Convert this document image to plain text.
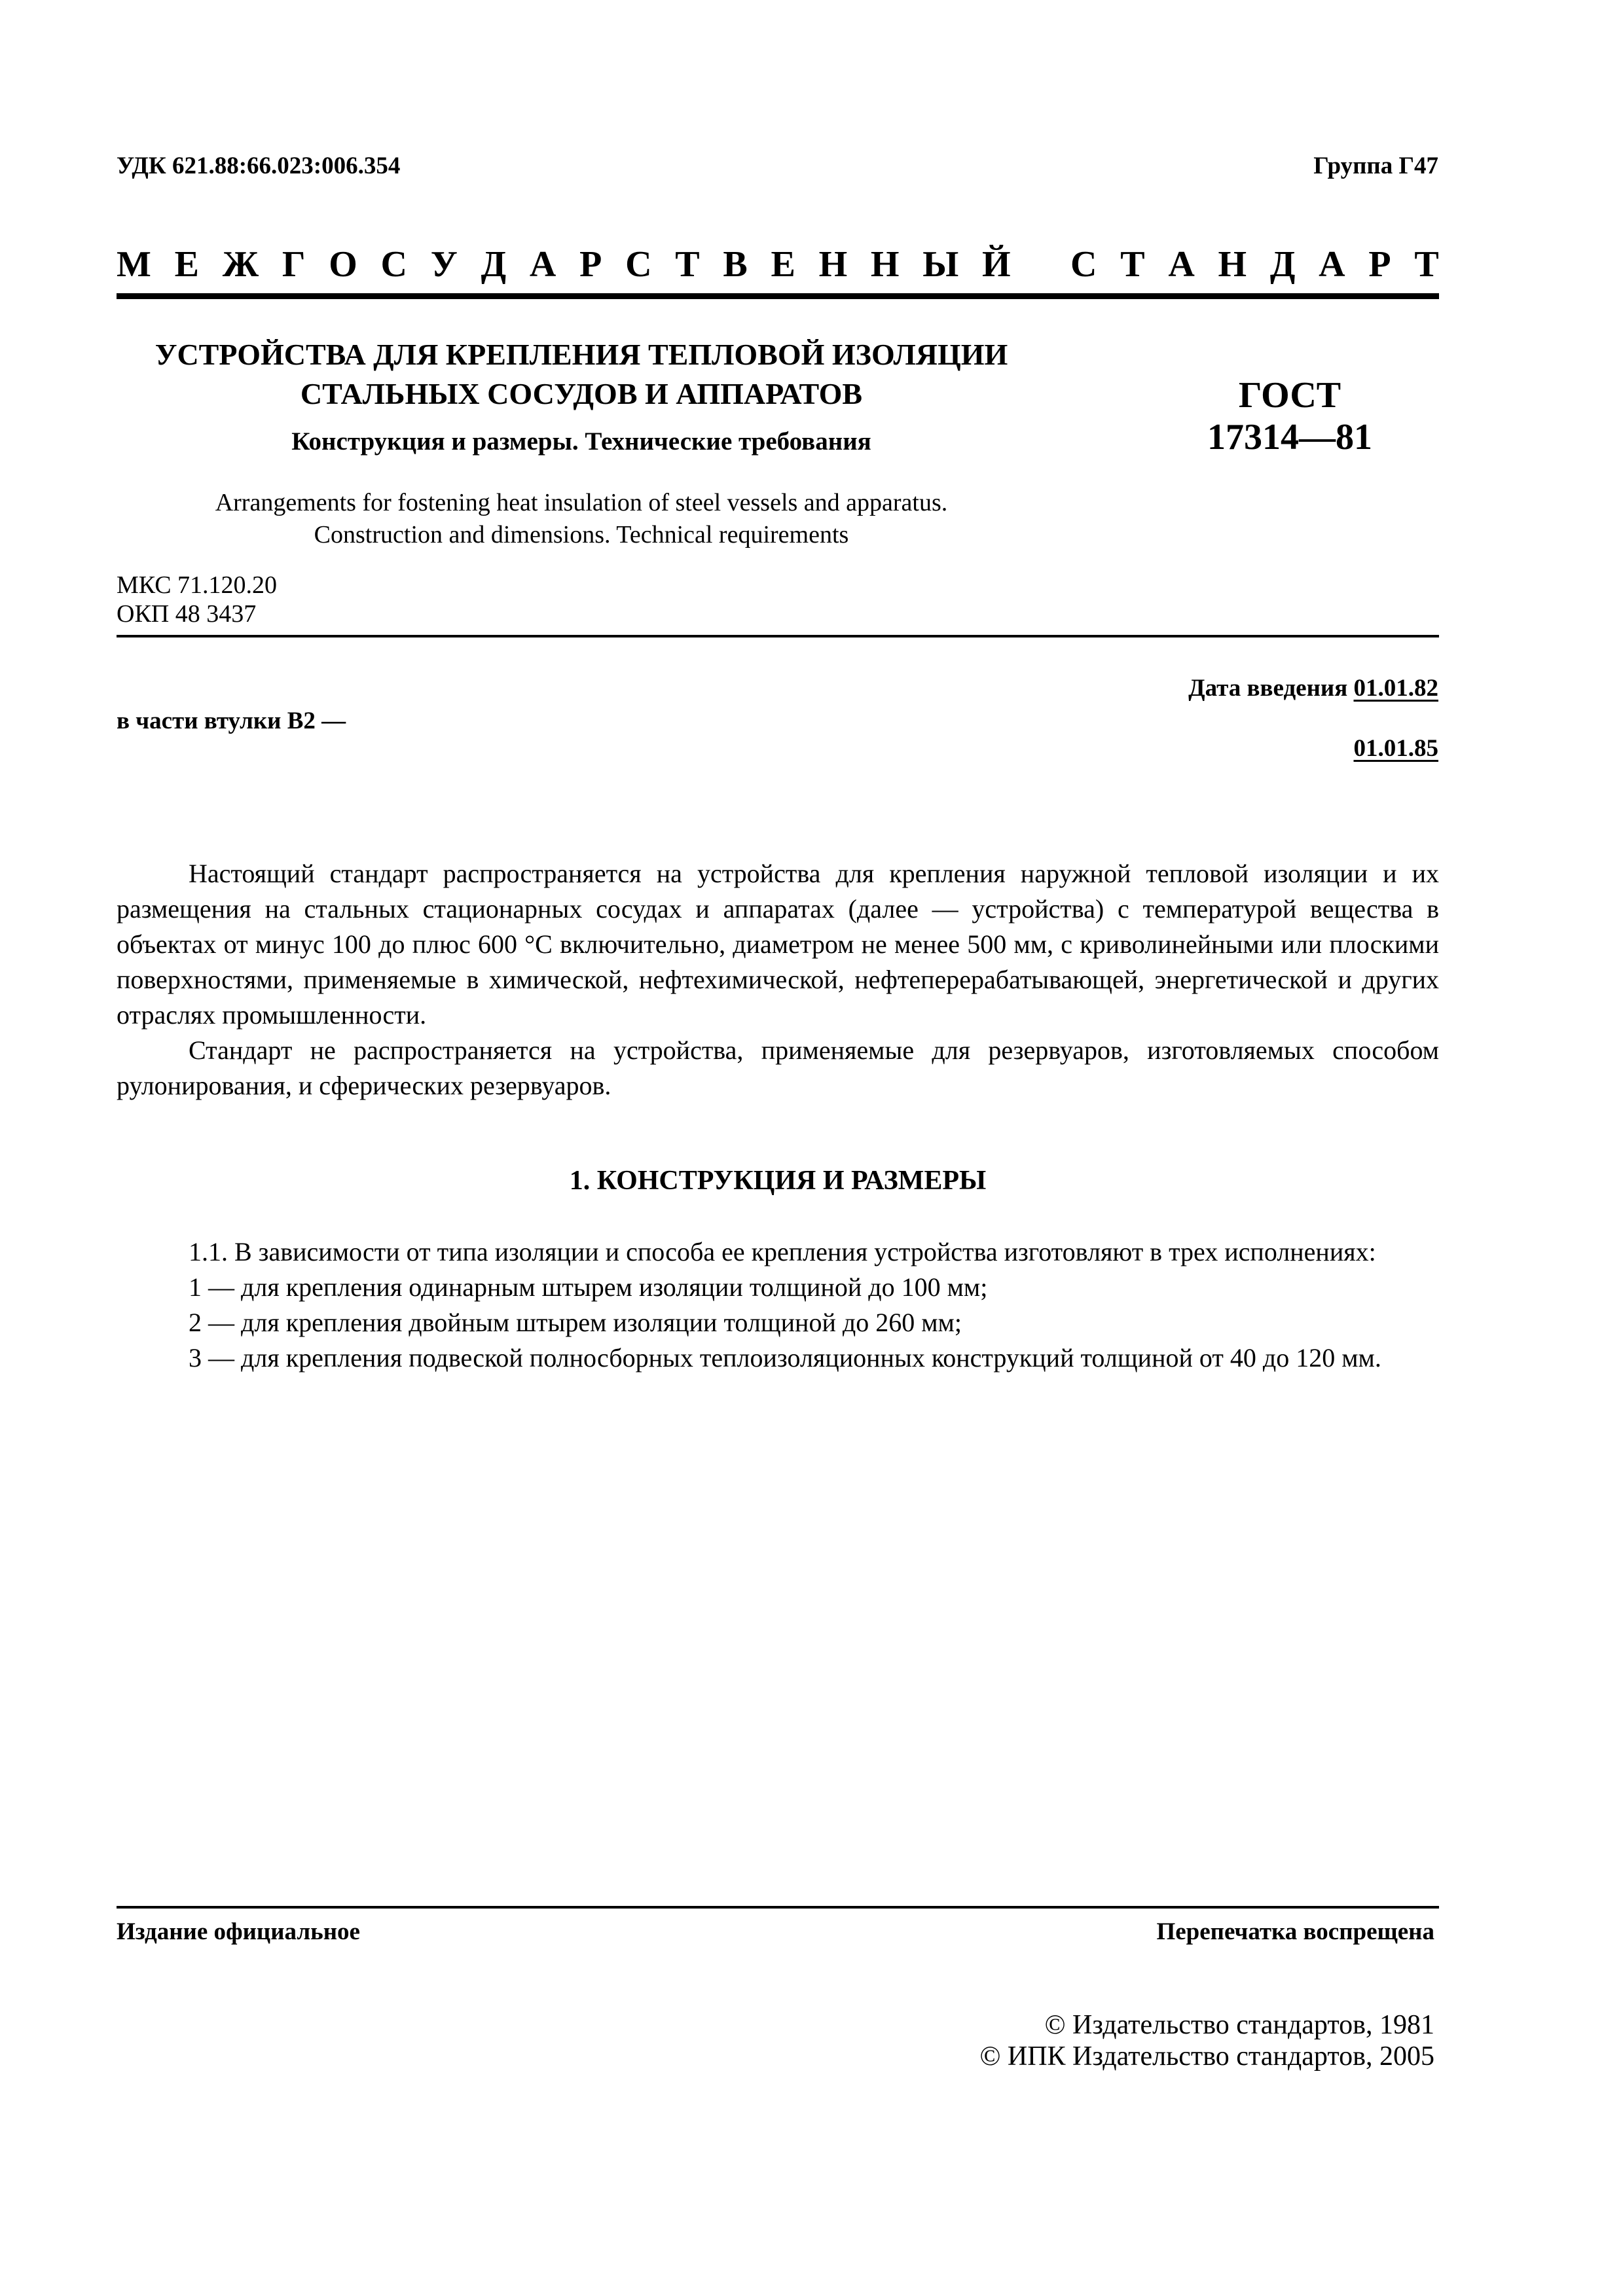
УДК 621.88:66.023:006.354	Группа Г47
М Е Ж Г О С У Д А Р С Т В Е Н Н Ы Й С Т А Н Д А Р Т
УСТРОЙСТВА ДЛЯ КРЕПЛЕНИЯ ТЕПЛОВОЙ ИЗОЛЯЦИИ
СТАЛЬНЫХ СОСУДОВ И АППАРАТОВ	ГОСТ
17314—81
Конструкция и размеры. Технические требования
Arrangements for fostening heat insulation of steel vessels and apparatus.
Construction and dimensions. Technical requirements
МКС 71.120.20
ОКП 48 3437
Дата введения 01.01.82
в части втулки В2 —
01.01.85

Настоящий стандарт распространяется на устройства для крепления наружной тепловой изоляции и их размещения на стальных стационарных сосудах и аппаратах (далее — устройства) с температурой вещества в объектах от минус 100 до плюс 600 °С включительно, диаметром не менее 500 мм, с криволинейными или плоскими поверхностями, применяемые в химической, нефтехимической, нефтеперерабатывающей, энергетической и других отраслях промышленности.

Стандарт не распространяется на устройства, применяемые для резервуаров, изготовляемых способом рулонирования, и сферических резервуаров.

1. КОНСТРУКЦИЯ И РАЗМЕРЫ

1.1. В зависимости от типа изоляции и способа ее крепления устройства изготовляют в трех исполнениях:

1 — для крепления одинарным штырем изоляции толщиной до 100 мм;

2 — для крепления двойным штырем изоляции толщиной до 260 мм;

3 — для крепления подвеской полносборных теплоизоляционных конструкций толщиной от 40 до 120 мм.

Издание официальное	Перепечатка воспрещена
© Издательство стандартов, 1981
© ИПК Издательство стандартов, 2005
